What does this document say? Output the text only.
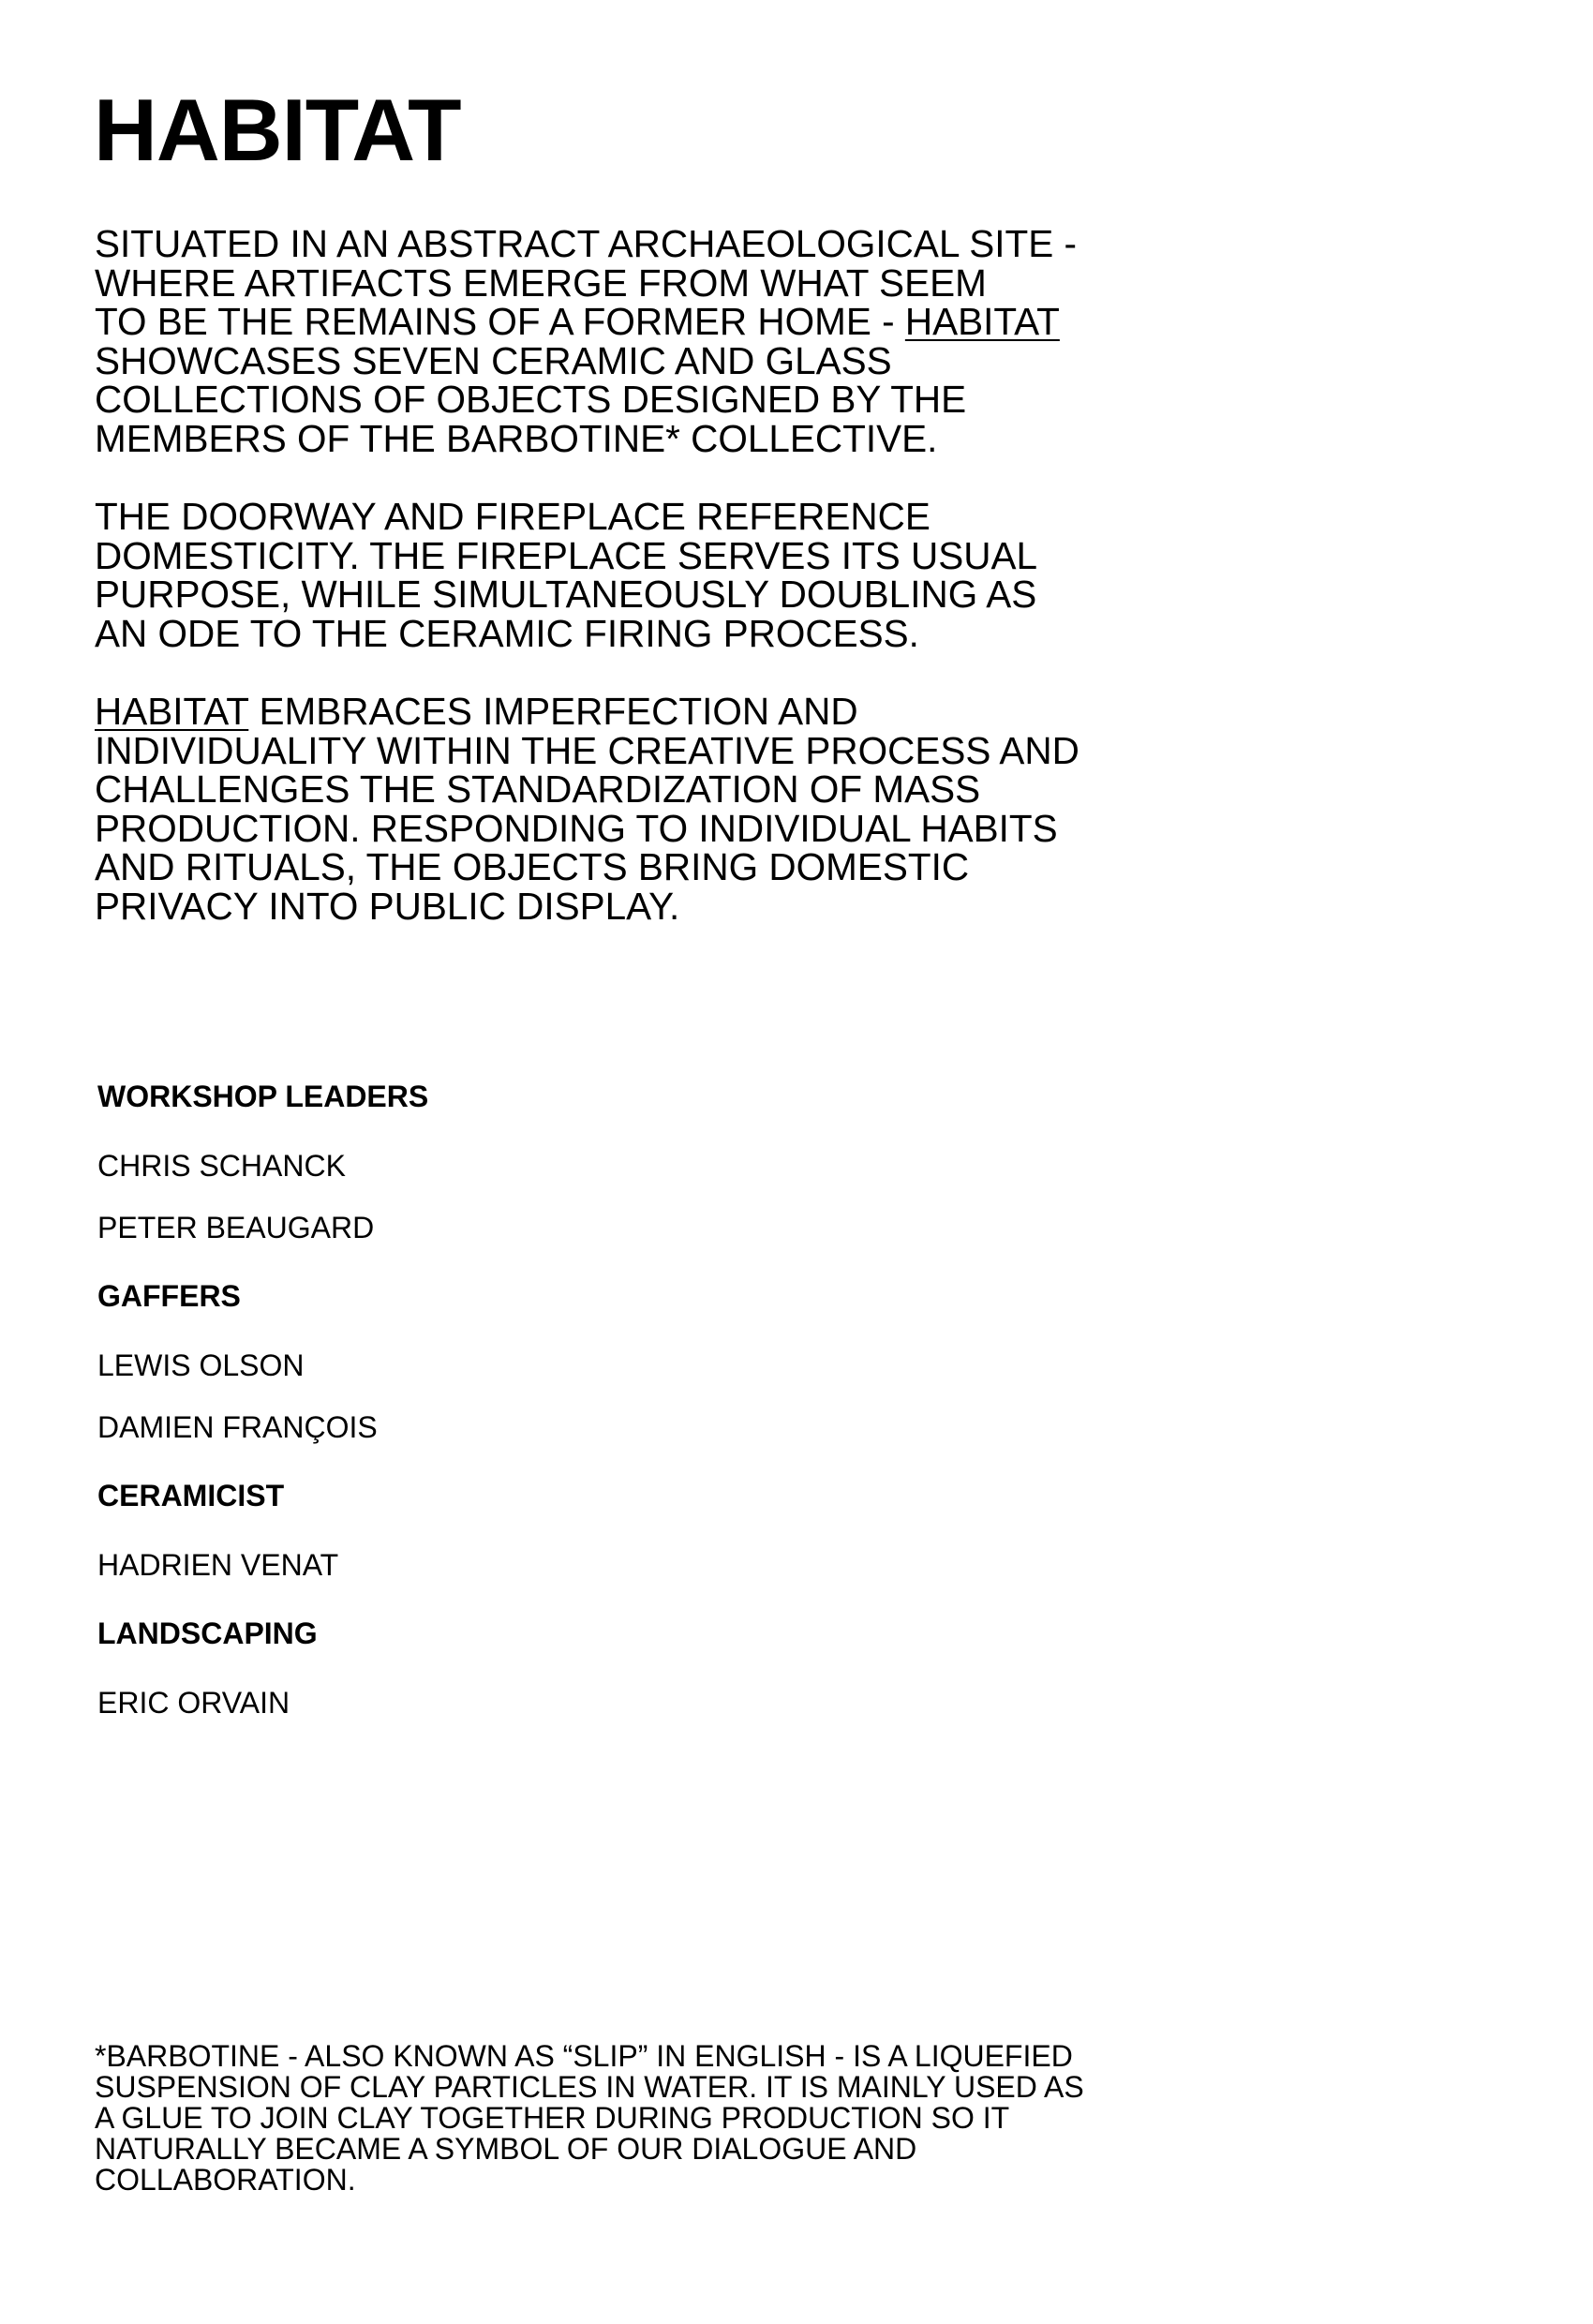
HABITAT

SITUATED IN AN ABSTRACT ARCHAEOLOGICAL SITE -
WHERE ARTIFACTS EMERGE FROM WHAT SEEM
TO BE THE REMAINS OF A FORMER HOME - HABITAT
SHOWCASES SEVEN CERAMIC AND GLASS
COLLECTIONS OF OBJECTS DESIGNED BY THE
MEMBERS OF THE BARBOTINE* COLLECTIVE.

THE DOORWAY AND FIREPLACE REFERENCE
DOMESTICITY. THE FIREPLACE SERVES ITS USUAL
PURPOSE, WHILE SIMULTANEOUSLY DOUBLING AS
AN ODE TO THE CERAMIC FIRING PROCESS.

HABITAT EMBRACES IMPERFECTION AND
INDIVIDUALITY WITHIN THE CREATIVE PROCESS AND
CHALLENGES THE STANDARDIZATION OF MASS
PRODUCTION. RESPONDING TO INDIVIDUAL HABITS
AND RITUALS, THE OBJECTS BRING DOMESTIC
PRIVACY INTO PUBLIC DISPLAY.

WORKSHOP LEADERS
CHRIS SCHANCK
PETER BEAUGARD
GAFFERS
LEWIS OLSON
DAMIEN FRANÇOIS
CERAMICIST
HADRIEN VENAT
LANDSCAPING
ERIC ORVAIN
*BARBOTINE - ALSO KNOWN AS “SLIP” IN ENGLISH - IS A LIQUEFIED
SUSPENSION OF CLAY PARTICLES IN WATER. IT IS MAINLY USED AS
A GLUE TO JOIN CLAY TOGETHER DURING PRODUCTION SO IT
NATURALLY BECAME A SYMBOL OF OUR DIALOGUE AND
COLLABORATION.
